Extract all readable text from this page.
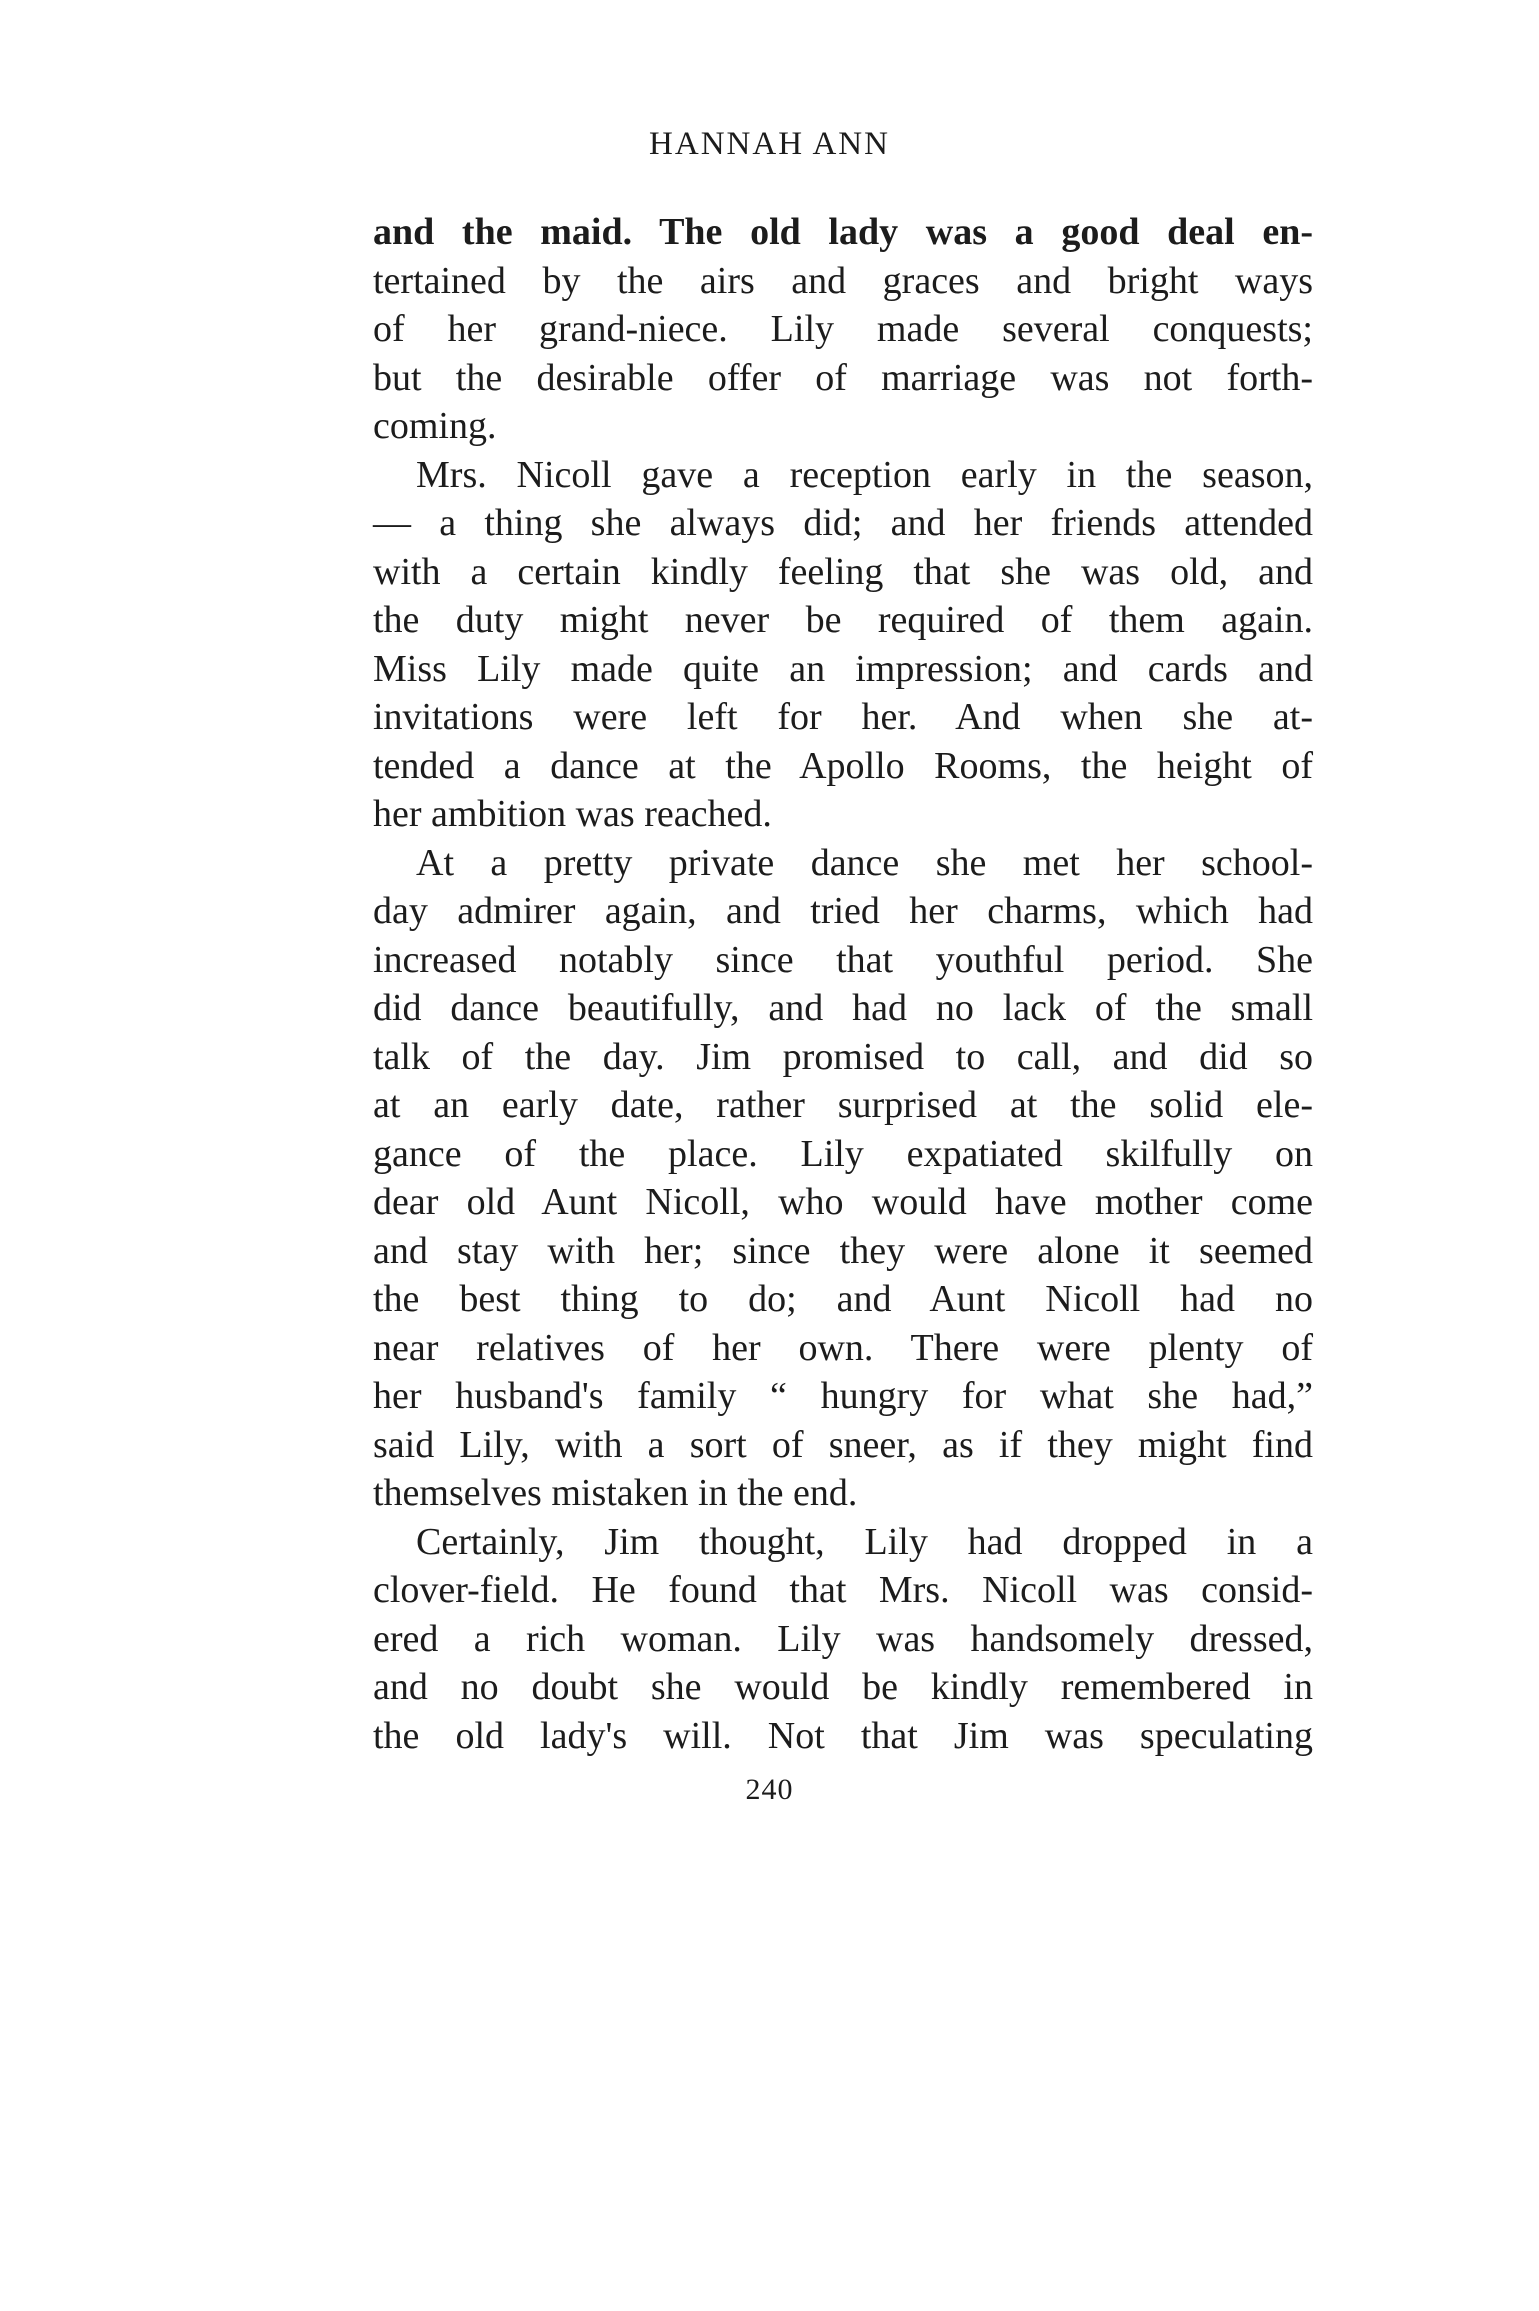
HANNAH ANN
and the maid. The old lady was a good deal en-
tertained by the airs and graces and bright ways
of her grand-niece. Lily made several conquests;
but the desirable offer of marriage was not forth-
coming.
Mrs. Nicoll gave a reception early in the season,
— a thing she always did; and her friends attended
with a certain kindly feeling that she was old, and
the duty might never be required of them again.
Miss Lily made quite an impression; and cards and
invitations were left for her. And when she at-
tended a dance at the Apollo Rooms, the height of
her ambition was reached.
At a pretty private dance she met her school-
day admirer again, and tried her charms, which had
increased notably since that youthful period. She
did dance beautifully, and had no lack of the small
talk of the day. Jim promised to call, and did so
at an early date, rather surprised at the solid ele-
gance of the place. Lily expatiated skilfully on
dear old Aunt Nicoll, who would have mother come
and stay with her; since they were alone it seemed
the best thing to do; and Aunt Nicoll had no
near relatives of her own. There were plenty of
her husband's family “ hungry for what she had,”
said Lily, with a sort of sneer, as if they might find
themselves mistaken in the end.
Certainly, Jim thought, Lily had dropped in a
clover-field. He found that Mrs. Nicoll was consid-
ered a rich woman. Lily was handsomely dressed,
and no doubt she would be kindly remembered in
the old lady's will. Not that Jim was speculating
240
